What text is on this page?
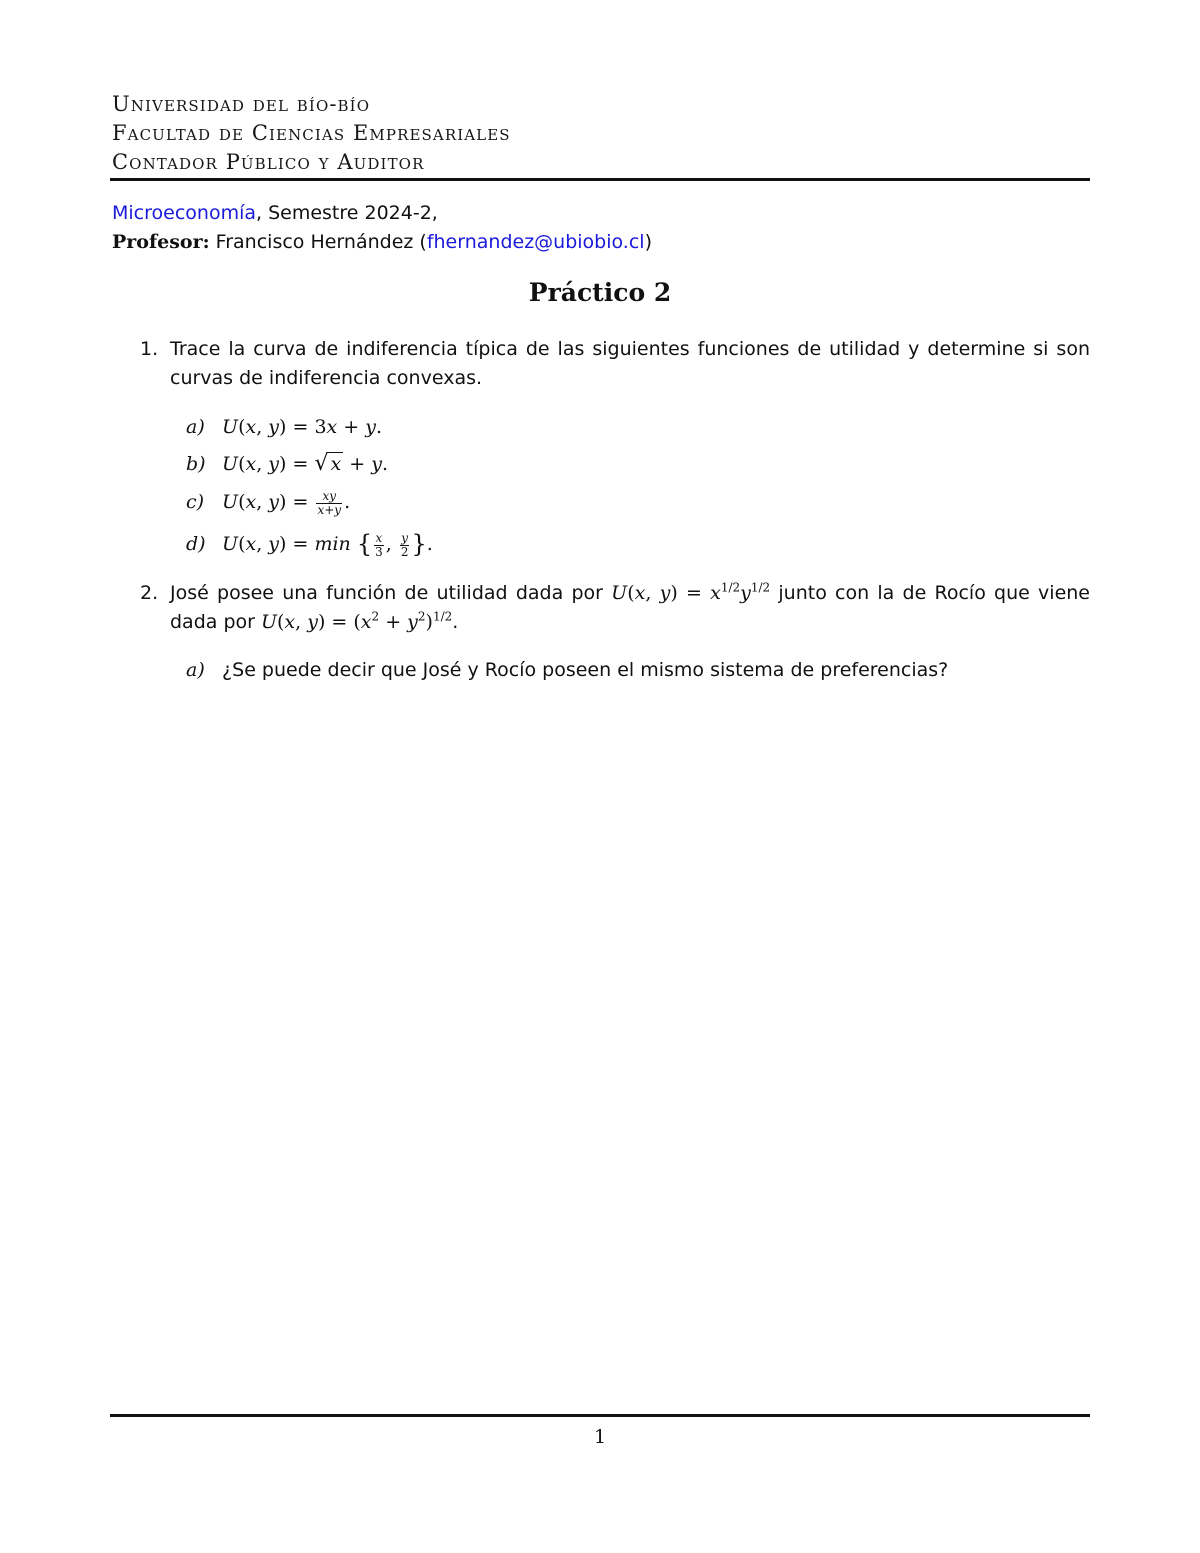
Universidad del bío-bío
Facultad de Ciencias Empresariales
Contador Público y Auditor
Microeconomía, Semestre 2024-2,
Profesor: Francisco Hernández (fhernandez@ubiobio.cl)
Práctico 2
1. Trace la curva de indiferencia típica de las siguientes funciones de utilidad y determine si son curvas de indiferencia convexas.
a) U(x, y) = 3x + y.
b) U(x, y) = √ x + y.
c) U(x, $y) = \frac{xy}{x+y}$ .
d) U(x, y) = min { $\frac{x}{3}$ , $\frac{y}{2}$ }.
2. José posee una función de utilidad dada por U(x, $y) = x^{1/2}y^{1/2}$ junto con la de Rocío que viene dada por U(x, $y) = (x^2 + y^2)^{1/2}$.
a) ¿Se puede decir que José y Rocío poseen el mismo sistema de preferencias?
1
